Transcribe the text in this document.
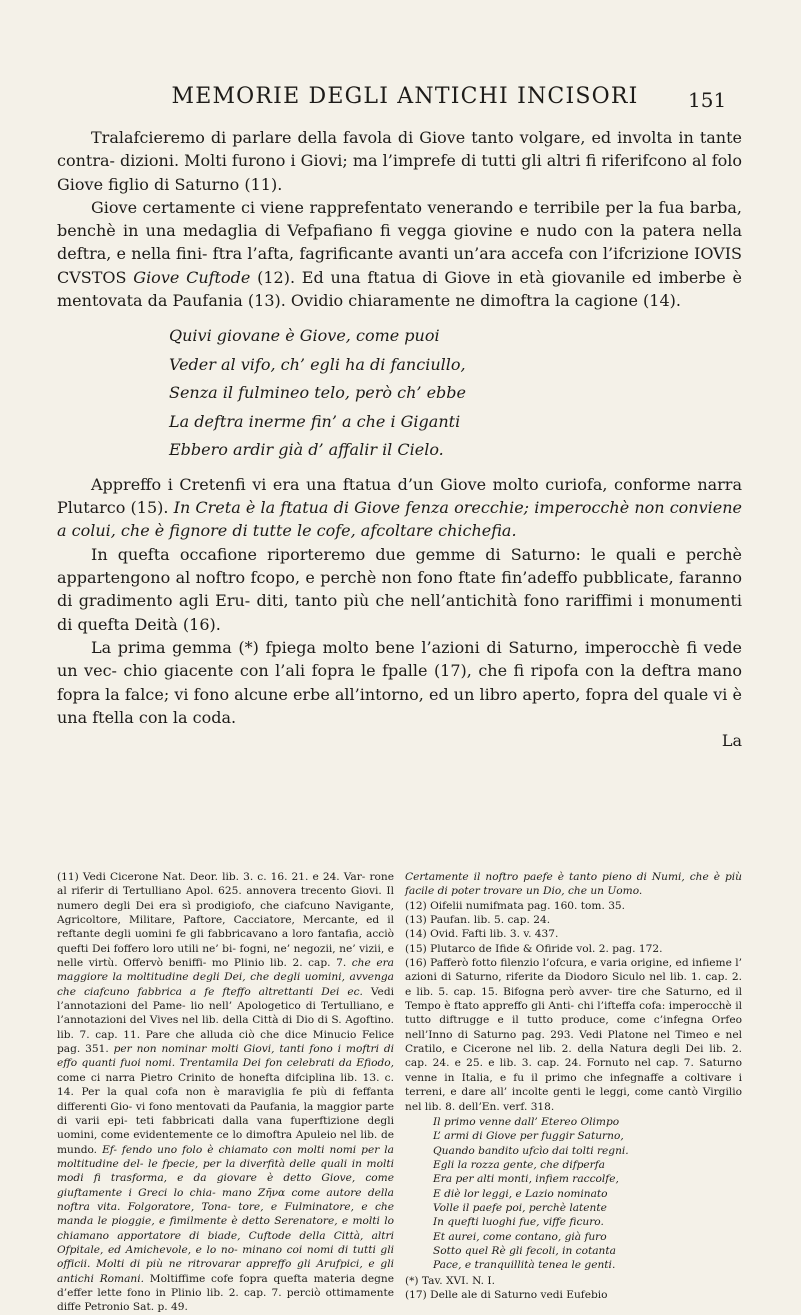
MEMORIE DEGLI ANTICHI INCISORI	151

Tralafcieremo di parlare della favola di Giove tanto volgare, ed involta in tante contra- dizioni. Molti furono i Giovi; ma l’imprefe di tutti gli altri fi riferifcono al folo Giove figlio di Saturno (11).

Giove certamente ci viene rapprefentato venerando e terribile per la fua barba, benchè in una medaglia di Vefpafiano fi vegga giovine e nudo con la patera nella deftra, e nella fini- ftra l’afta, fagrificante avanti un’ara accefa con l’ifcrizione IOVIS CVSTOS Giove Cuftode (12). Ed una ftatua di Giove in età giovanile ed imberbe è mentovata da Paufania (13). Ovidio chiaramente ne dimoftra la cagione (14).

Quivi giovane è Giove, come puoi
Veder al vifo, ch’ egli ha di fanciullo,
Senza il fulmineo telo, però ch’ ebbe
La deftra inerme fin’ a che i Giganti
Ebbero ardir già d’ affalir il Cielo.

Appreffo i Cretenfi vi era una ftatua d’un Giove molto curiofa, conforme narra Plutarco (15). In Creta è la ftatua di Giove fenza orecchie; imperocchè non conviene a colui, che è fignore di tutte le cofe, afcoltare chichefia.

In quefta occafione riporteremo due gemme di Saturno: le quali e perchè appartengono al noftro fcopo, e perchè non fono ftate fin’adeffo pubblicate, faranno di gradimento agli Eru- diti, tanto più che nell’antichità fono rariffimi i monumenti di quefta Deità (16).

La prima gemma (*) fpiega molto bene l’azioni di Saturno, imperocchè fi vede un vec- chio giacente con l’ali fopra le fpalle (17), che fi ripofa con la deftra mano fopra la falce; vi fono alcune erbe all’intorno, ed un libro aperto, fopra del quale vi è una ftella con la coda.

La

(11) Vedi Cicerone Nat. Deor. lib. 3. c. 16. 21. e 24. Var- rone al riferir di Tertulliano Apol. 625. annovera trecento Giovi. Il numero degli Dei era sì prodigiofo, che ciafcuno Navigante, Agricoltore, Militare, Paftore, Cacciatore, Mercante, ed il reftante degli uomini fe gli fabbricavano a loro fantafia, acciò quefti Dei foffero loro utili ne’ bi- fogni, ne’ negozii, ne’ vizii, e nelle virtù. Offervò beniffi- mo Plinio lib. 2. cap. 7. che era maggiore la moltitudine degli Dei, che degli uomini, avvenga che ciafcuno fabbrica a fe fteffo altrettanti Dei ec. Vedi l’annotazioni del Pame- lio nell’ Apologetico di Tertulliano, e l’annotazioni del Vives nel lib. della Città di Dio di S. Agoftino. lib. 7. cap. 11. Pare che alluda ciò che dice Minucio Felice pag. 351. per non nominar molti Giovi, tanti fono i moftri di effo quanti fuoi nomi. Trentamila Dei fon celebrati da Efiodo, come ci narra Pietro Crinito de honefta difciplina lib. 13. c. 14. Per la qual cofa non è maraviglia fe più di feffanta differenti Gio- vi fono mentovati da Paufania, la maggior parte di varii epi- teti fabbricati dalla vana fuperftizione degli uomini, come evidentemente ce lo dimoftra Apuleio nel lib. de mundo. Ef- fendo uno folo è chiamato con molti nomi per la moltitudine del- le fpecie, per la diverfità delle quali in molti modi fi trasforma, e da giovare è detto Giove, come giuftamente i Greci lo chia- mano Ζῆνα come autore della noftra vita. Folgoratore, Tona- tore, e Fulminatore, e che manda le pioggie, e fimilmente è detto Serenatore, e molti lo chiamano apportatore di biade, Cuftode della Città, altri Ofpitale, ed Amichevole, e lo no- minano coi nomi di tutti gli officii. Molti di più ne ritrovarar appreffo gli Arufpici, e gli antichi Romani. Moltiffime cofe fopra quefta materia degne d’effer lette fono in Plinio lib. 2. cap. 7. perciò ottimamente diffe Petronio Sat. p. 49.

Certamente il noftro paefe è tanto pieno di Numi, che è più facile di poter trovare un Dio, che un Uomo.

(12) Oifelii numifmata pag. 160. tom. 35.

(13) Paufan. lib. 5. cap. 24.

(14) Ovid. Fafti lib. 3. v. 437.

(15) Plutarco de Ifide & Ofiride vol. 2. pag. 172.

(16) Pafferò fotto filenzio l’ofcura, e varia origine, ed infieme l’ azioni di Saturno, riferite da Diodoro Siculo nel lib. 1. cap. 2. e lib. 5. cap. 15. Bifogna però avver- tire che Saturno, ed il Tempo è ftato appreffo gli Anti- chi l’ifteffa cofa: imperocchè il tutto diftrugge e il tutto produce, come c’infegna Orfeo nell’Inno di Saturno pag. 293. Vedi Platone nel Timeo e nel Cratilo, e Cicerone nel lib. 2. della Natura degli Dei lib. 2. cap. 24. e 25. e lib. 3. cap. 24. Fornuto nel cap. 7. Saturno venne in Italia, e fu il primo che infegnaffe a coltivare i terreni, e dare all’ incolte genti le leggi, come cantò Virgilio nel lib. 8. dell’En. verf. 318.

Il primo venne dall’ Etereo Olimpo
L’ armi di Giove per fuggir Saturno,
Quando bandito ufcìo dai tolti regni.
Egli la rozza gente, che difperfa
Era per alti monti, infiem raccolfe,
E diè lor leggi, e Lazio nominato
Volle il paefe poi, perchè latente
In quefti luoghi fue, viffe ficuro.
Et aurei, come contano, già furo
Sotto quel Rè gli fecoli, in cotanta
Pace, e tranquillità tenea le genti.

(*) Tav. XVI. N. I.

(17) Delle ale di Saturno vedi Eufebio
